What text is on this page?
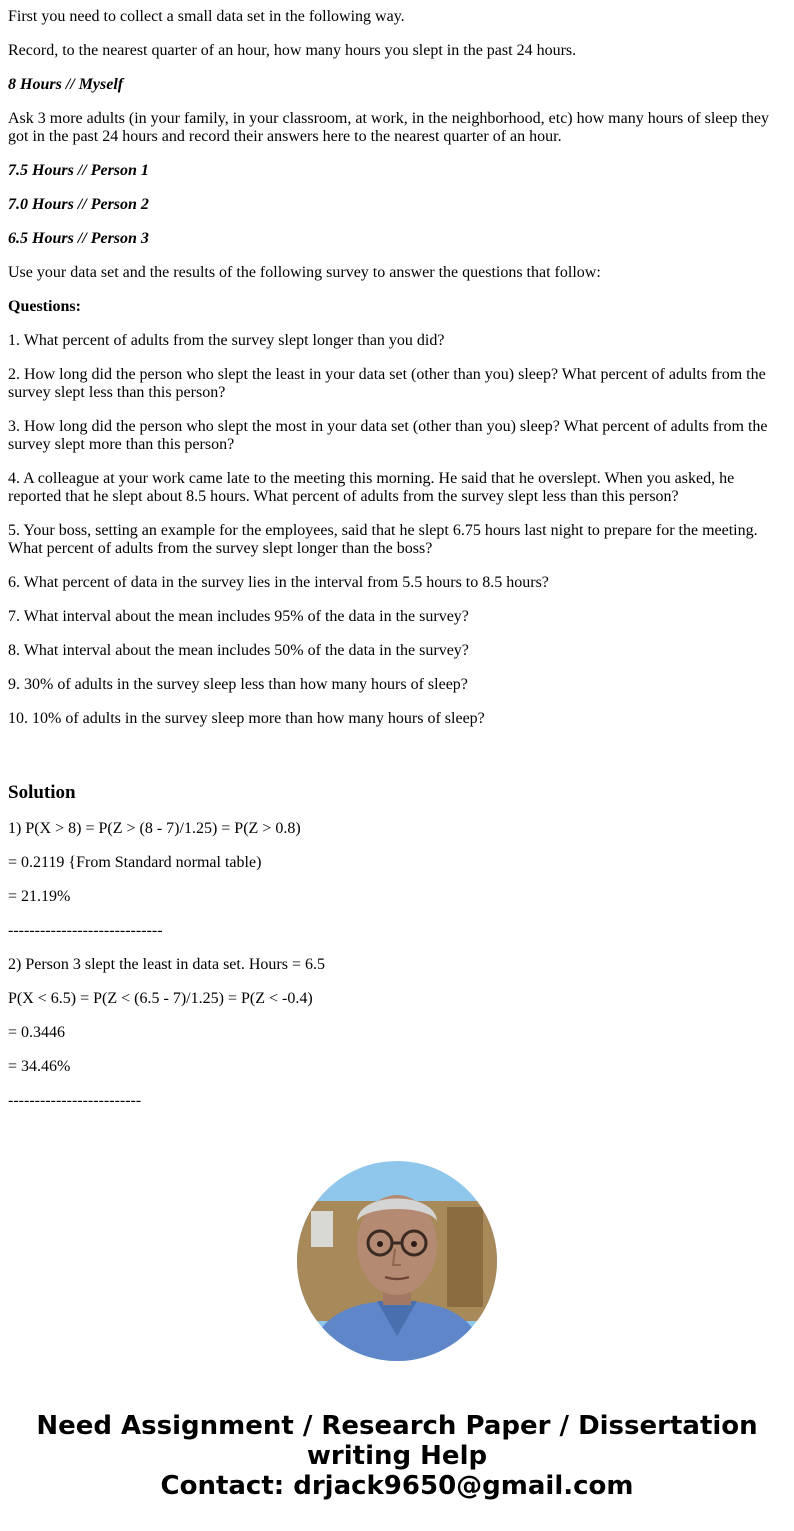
First you need to collect a small data set in the following way.

Record, to the nearest quarter of an hour, how many hours you slept in the past 24 hours.

8 Hours // Myself

Ask 3 more adults (in your family, in your classroom, at work, in the neighborhood, etc) how many hours of sleep they got in the past 24 hours and record their answers here to the nearest quarter of an hour.

7.5 Hours // Person 1

7.0 Hours // Person 2

6.5 Hours // Person 3

Use your data set and the results of the following survey to answer the questions that follow:

Questions:

1. What percent of adults from the survey slept longer than you did?

2. How long did the person who slept the least in your data set (other than you) sleep? What percent of adults from the survey slept less than this person?

3. How long did the person who slept the most in your data set (other than you) sleep? What percent of adults from the survey slept more than this person?

4. A colleague at your work came late to the meeting this morning. He said that he overslept. When you asked, he reported that he slept about 8.5 hours. What percent of adults from the survey slept less than this person?

5. Your boss, setting an example for the employees, said that he slept 6.75 hours last night to prepare for the meeting. What percent of adults from the survey slept longer than the boss?

6. What percent of data in the survey lies in the interval from 5.5 hours to 8.5 hours?

7. What interval about the mean includes 95% of the data in the survey?

8. What interval about the mean includes 50% of the data in the survey?

9. 30% of adults in the survey sleep less than how many hours of sleep?

10. 10% of adults in the survey sleep more than how many hours of sleep?

Solution

1) P(X > 8) = P(Z > (8 - 7)/1.25) = P(Z > 0.8)

= 0.2119 {From Standard normal table)

= 21.19%

-----------------------------

2) Person 3 slept the least in data set. Hours = 6.5

P(X < 6.5) = P(Z < (6.5 - 7)/1.25) = P(Z < -0.4)

= 0.3446

= 34.46%

-------------------------

Need Assignment / Research Paper / Dissertation
writing Help
Contact: drjack9650@gmail.com
